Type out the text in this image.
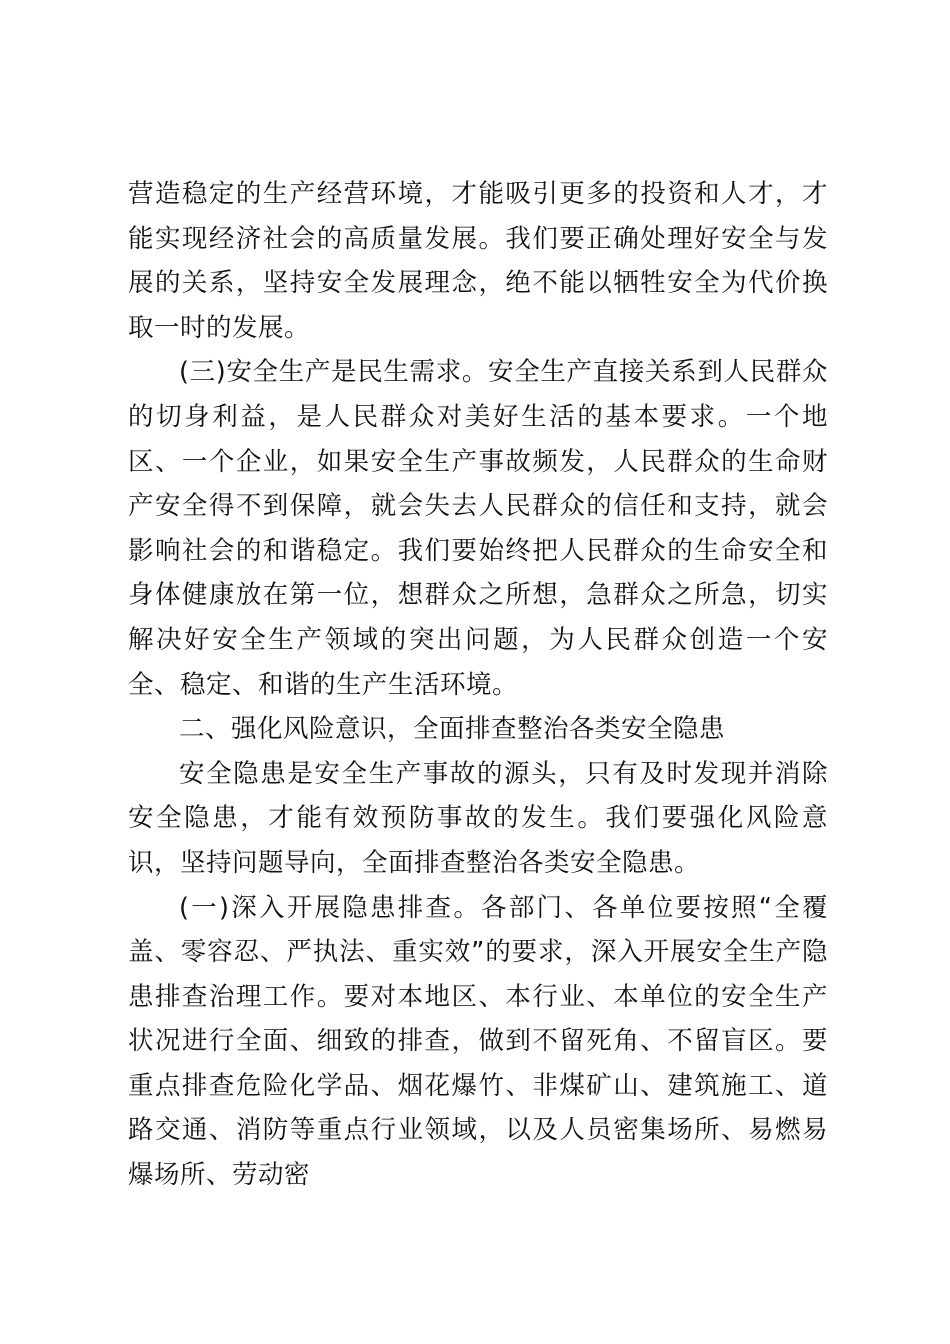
营造稳定的生产经营环境，才能吸引更多的投资和人才，才能实现经济社会的高质量发展。我们要正确处理好安全与发展的关系，坚持安全发展理念，绝不能以牺牲安全为代价换取一时的发展。

(三)安全生产是民生需求。安全生产直接关系到人民群众的切身利益，是人民群众对美好生活的基本要求。一个地区、一个企业，如果安全生产事故频发，人民群众的生命财产安全得不到保障，就会失去人民群众的信任和支持，就会影响社会的和谐稳定。我们要始终把人民群众的生命安全和身体健康放在第一位，想群众之所想，急群众之所急，切实解决好安全生产领域的突出问题，为人民群众创造一个安全、稳定、和谐的生产生活环境。

二、强化风险意识，全面排查整治各类安全隐患

安全隐患是安全生产事故的源头，只有及时发现并消除安全隐患，才能有效预防事故的发生。我们要强化风险意识，坚持问题导向，全面排查整治各类安全隐患。

(一)深入开展隐患排查。各部门、各单位要按照“全覆盖、零容忍、严执法、重实效”的要求，深入开展安全生产隐患排查治理工作。要对本地区、本行业、本单位的安全生产状况进行全面、细致的排查，做到不留死角、不留盲区。要重点排查危险化学品、烟花爆竹、非煤矿山、建筑施工、道路交通、消防等重点行业领域，以及人员密集场所、易燃易爆场所、劳动密
